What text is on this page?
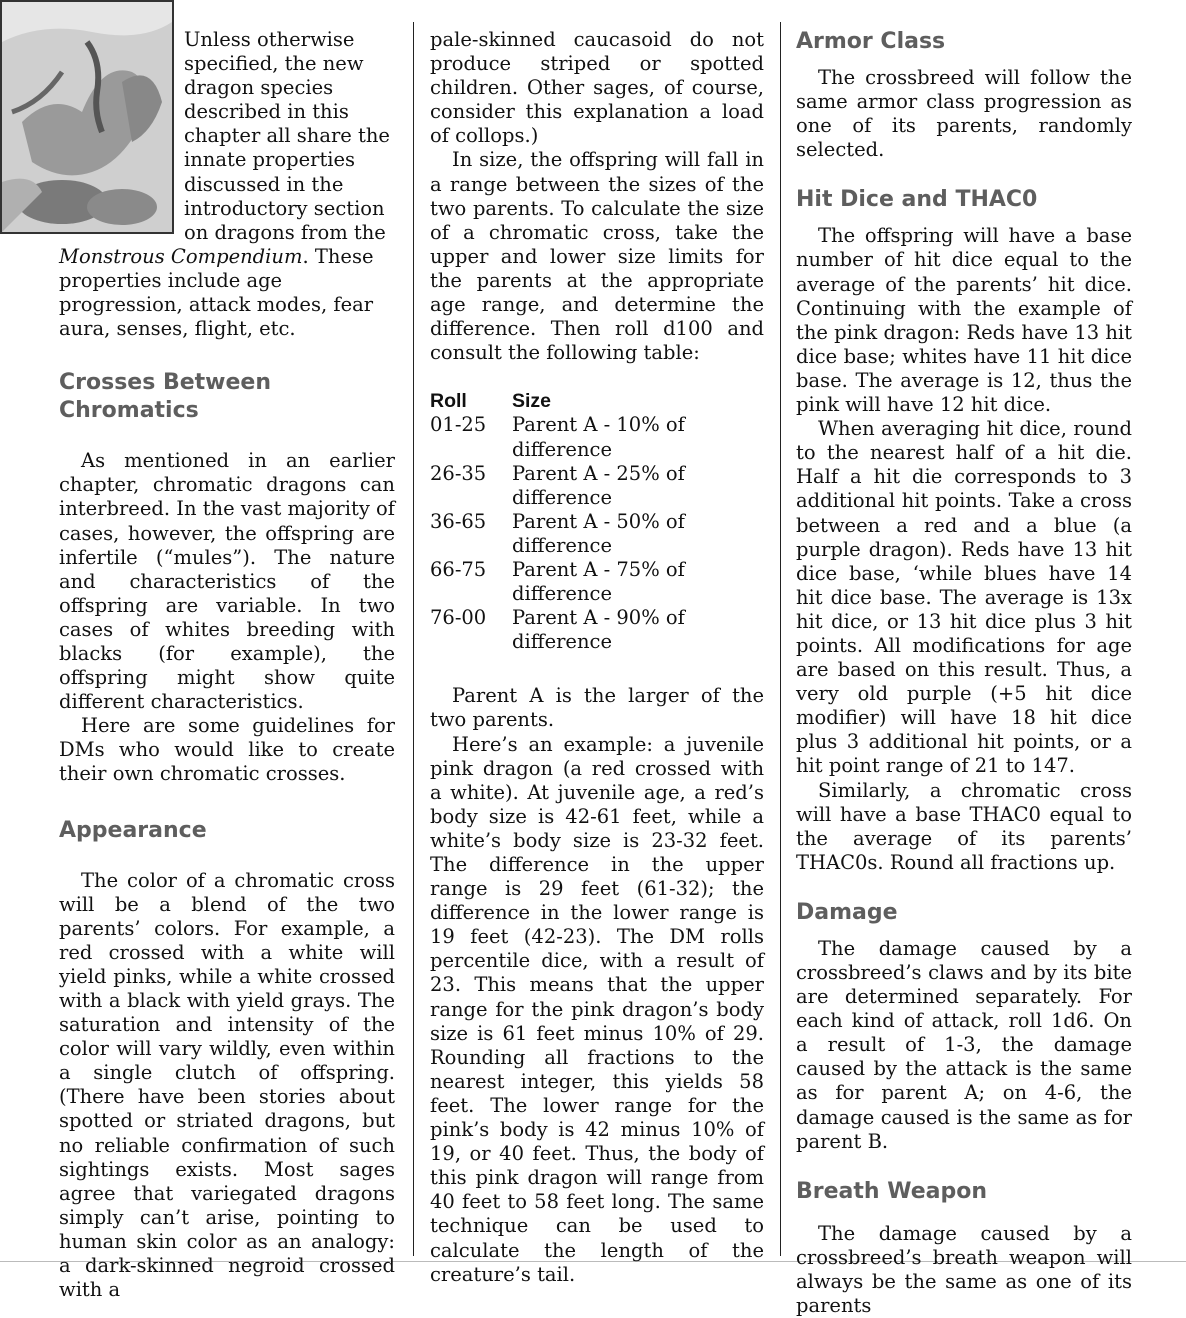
Unless otherwise specified, the new dragon species described in this chapter all share the innate properties discussed in the introductory section on dragons from the Monstrous Compendium. These properties include age progression, attack modes, fear aura, senses, flight, etc.

Crosses Between Chromatics

As mentioned in an earlier chapter, chromatic dragons can interbreed. In the vast majority of cases, however, the offspring are infertile (“mules”). The nature and characteristics of the offspring are variable. In two cases of whites breeding with blacks (for example), the offspring might show quite different characteristics.

Here are some guidelines for DMs who would like to create their own chromatic crosses.

Appearance

The color of a chromatic cross will be a blend of the two parents’ colors. For example, a red crossed with a white will yield pinks, while a white crossed with a black with yield grays. The saturation and intensity of the color will vary wildly, even within a single clutch of offspring. (There have been stories about spotted or striated dragons, but no reliable confirmation of such sightings exists. Most sages agree that variegated dragons simply can’t arise, pointing to human skin color as an analogy: a dark-skinned negroid crossed with a

pale-skinned caucasoid do not produce striped or spotted children. Other sages, of course, consider this explanation a load of collops.)

In size, the offspring will fall in a range between the sizes of the two parents. To calculate the size of a chromatic cross, take the upper and lower size limits for the parents at the appropriate age range, and determine the difference. Then roll d100 and consult the following table:

Roll	Size
01-25	Parent A - 10% of difference
26-35	Parent A - 25% of difference
36-65	Parent A - 50% of difference
66-75	Parent A - 75% of difference
76-00	Parent A - 90% of difference

Parent A is the larger of the two parents.

Here’s an example: a juvenile pink dragon (a red crossed with a white). At juvenile age, a red’s body size is 42-61 feet, while a white’s body size is 23-32 feet. The difference in the upper range is 29 feet (61-32); the difference in the lower range is 19 feet (42-23). The DM rolls percentile dice, with a result of 23. This means that the upper range for the pink dragon’s body size is 61 feet minus 10% of 29. Rounding all fractions to the nearest integer, this yields 58 feet. The lower range for the pink’s body is 42 minus 10% of 19, or 40 feet. Thus, the body of this pink dragon will range from 40 feet to 58 feet long. The same technique can be used to calculate the length of the creature’s tail.

Armor Class

The crossbreed will follow the same armor class progression as one of its parents, randomly selected.

Hit Dice and THAC0

The offspring will have a base number of hit dice equal to the average of the parents’ hit dice. Continuing with the example of the pink dragon: Reds have 13 hit dice base; whites have 11 hit dice base. The average is 12, thus the pink will have 12 hit dice.

When averaging hit dice, round to the nearest half of a hit die. Half a hit die corresponds to 3 additional hit points. Take a cross between a red and a blue (a purple dragon). Reds have 13 hit dice base, ‘while blues have 14 hit dice base. The average is 13x hit dice, or 13 hit dice plus 3 hit points. All modifications for age are based on this result. Thus, a very old purple (+5 hit dice modifier) will have 18 hit dice plus 3 additional hit points, or a hit point range of 21 to 147.

Similarly, a chromatic cross will have a base THAC0 equal to the average of its parents’ THAC0s. Round all fractions up.

Damage

The damage caused by a crossbreed’s claws and by its bite are determined separately. For each kind of attack, roll 1d6. On a result of 1-3, the damage caused by the attack is the same as for parent A; on 4-6, the damage caused is the same as for parent B.

Breath Weapon

The damage caused by a crossbreed’s breath weapon will always be the same as one of its parents
